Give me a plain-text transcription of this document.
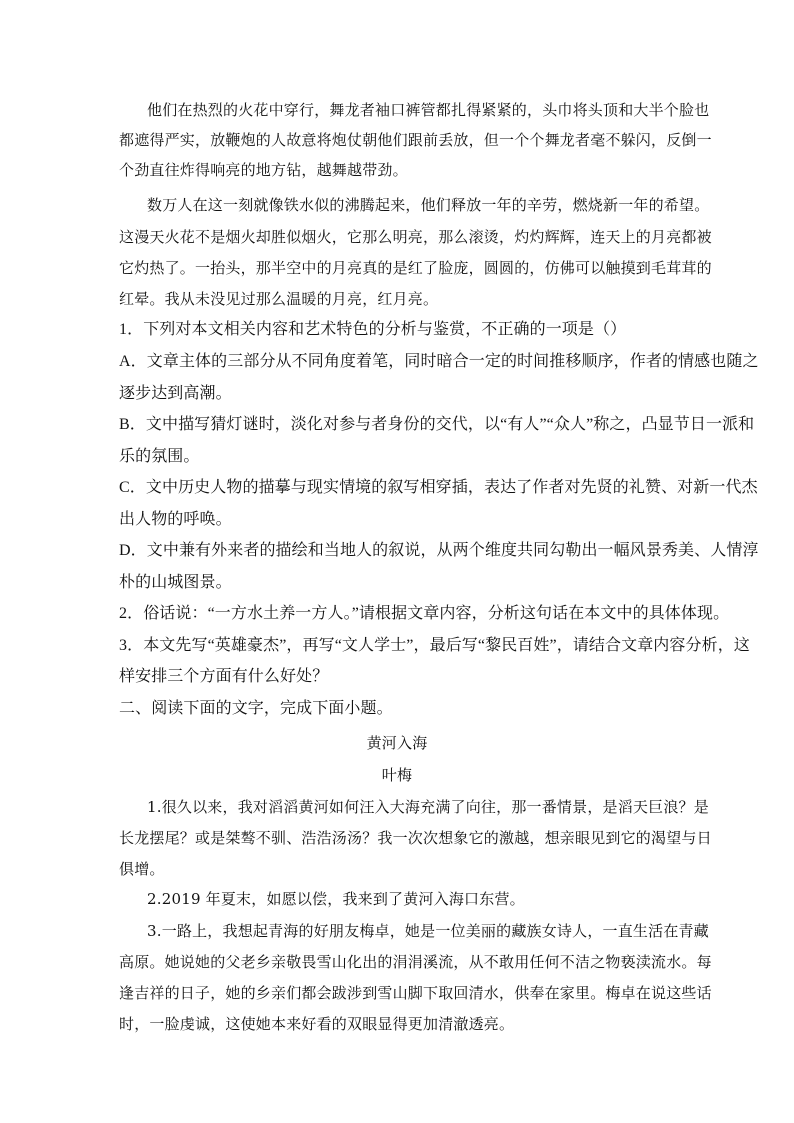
他们在热烈的火花中穿行，舞龙者袖口裤管都扎得紧紧的，头巾将头顶和大半个脸也
都遮得严实，放鞭炮的人故意将炮仗朝他们跟前丢放，但一个个舞龙者毫不躲闪，反倒一
个劲直往炸得响亮的地方钻，越舞越带劲。
数万人在这一刻就像铁水似的沸腾起来，他们释放一年的辛劳，燃烧新一年的希望。
这漫天火花不是烟火却胜似烟火，它那么明亮，那么滚烫，灼灼辉辉，连天上的月亮都被
它灼热了。一抬头，那半空中的月亮真的是红了脸庞，圆圆的，仿佛可以触摸到毛茸茸的
红晕。我从未没见过那么温暖的月亮，红月亮。
1．下列对本文相关内容和艺术特色的分析与鉴赏，不正确的一项是（）
A．文章主体的三部分从不同角度着笔，同时暗合一定的时间推移顺序，作者的情感也随之
逐步达到高潮。
B．文中描写猜灯谜时，淡化对参与者身份的交代，以“有人”“众人”称之，凸显节日一派和
乐的氛围。
C．文中历史人物的描摹与现实情境的叙写相穿插，表达了作者对先贤的礼赞、对新一代杰
出人物的呼唤。
D．文中兼有外来者的描绘和当地人的叙说，从两个维度共同勾勒出一幅风景秀美、人情淳
朴的山城图景。
2．俗话说：“一方水土养一方人。”请根据文章内容，分析这句话在本文中的具体体现。
3．本文先写“英雄豪杰”，再写“文人学士”，最后写“黎民百姓”，请结合文章内容分析，这
样安排三个方面有什么好处？
二、阅读下面的文字，完成下面小题。
黄河入海
叶梅
1.很久以来，我对滔滔黄河如何汪入大海充满了向往，那一番情景，是滔天巨浪？是
长龙摆尾？或是桀骜不驯、浩浩汤汤？我一次次想象它的激越，想亲眼见到它的渴望与日
俱增。
2.2019 年夏末，如愿以偿，我来到了黄河入海口东营。
3.一路上，我想起青海的好朋友梅卓，她是一位美丽的藏族女诗人，一直生活在青藏
高原。她说她的父老乡亲敬畏雪山化出的涓涓溪流，从不敢用任何不洁之物亵渎流水。每
逢吉祥的日子，她的乡亲们都会跋涉到雪山脚下取回清水，供奉在家里。梅卓在说这些话
时，一脸虔诚，这使她本来好看的双眼显得更加清澈透亮。
